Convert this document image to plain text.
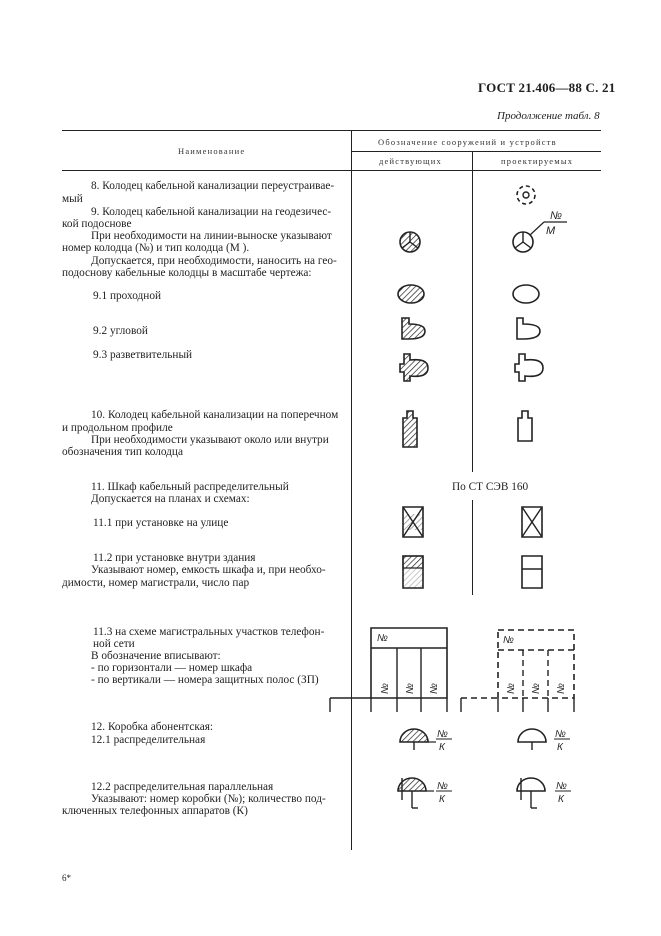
ГОСТ 21.406—88 С. 21
Продолжение табл. 8
Наименование
Обозначение сооружений и устройств
действующих	проектируемых
8. Колодец кабельной канализации переустраивае-
мый
9. Колодец кабельной канализации на геодезичес-
кой подоснове
При необходимости на линии-выноске указывают
номер колодца (№) и тип колодца (М ).
Допускается, при необходимости, наносить на гео-
подоснову кабельные колодцы в масштабе чертежа:
9.1 проходной
9.2 угловой
9.3 разветвительный
10. Колодец кабельной канализации на поперечном
и продольном профиле
При необходимости указывают около или внутри
обозначения тип колодца
11. Шкаф кабельный распределительный
Допускается на планах и схемах:
По СТ СЭВ 160
11.1 при установке на улице
11.2 при установке внутри здания
Указывают номер, емкость шкафа и, при необхо-
димости, номер магистрали, число пар
11.3 на схеме магистральных участков телефон-
ной сети
В обозначение вписывают:
- по горизонтали — номер шкафа
- по вертикали — номера защитных полос (ЗП)
12. Коробка абонентская:
12.1 распределительная
12.2 распределительная параллельная
Указывают: номер коробки (№); количество под-
ключенных телефонных аппаратов (К)
6*
№
М
№
№ № №
№
№ № №
№
К
№
К
№
К
№
К
